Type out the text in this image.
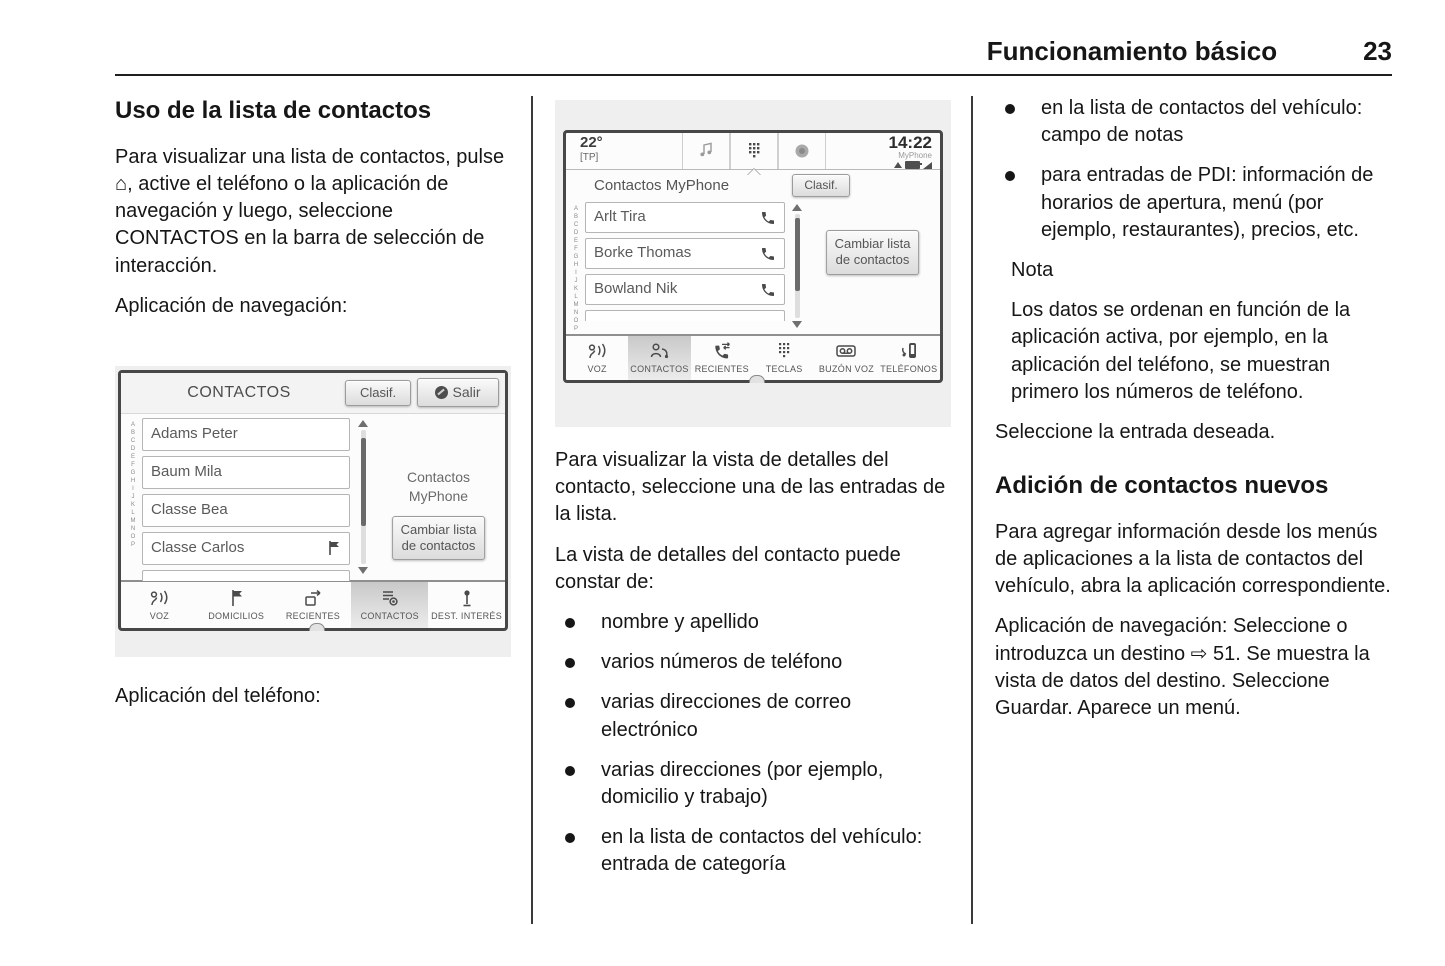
Funcionamiento básico	23
Uso de la lista de contactos

Para visualizar una lista de contactos, pulse ⌂, active el teléfono o la aplicación de navegación y luego, seleccione CONTACTOS en la barra de selección de interacción.

Aplicación de navegación:

CONTACTOS	Clasif.	Salir
ABCDEFGHIJKLMNOP Adams Peter
Baum Mila
Classe Bea
Classe Carlos
Contactos MyPhone
Cambiar lista
de contactos
VOZ	DOMICILIOS RECIENTES CONTACTOS DEST. INTERÉS

Aplicación del teléfono:

22°
[TP]
14:22
MyPhone
Contactos MyPhone	Clasif.
ABCDEFGHIJKLMNOP Arlt Tira
Borke Thomas
Bowland Nik
Cambiar lista
de contactos
VOZ	CONTACTOS RECIENTES TECLAS BUZÓN VOZ TELÉFONOS

Para visualizar la vista de detalles del contacto, seleccione una de las entradas de la lista.

La vista de detalles del contacto puede constar de:

nombre y apellido
varios números de teléfono
varias direcciones de correo electrónico
varias direcciones (por ejemplo, domicilio y trabajo)
en la lista de contactos del vehículo: entrada de categoría
en la lista de contactos del vehículo: campo de notas
para entradas de PDI: información de horarios de apertura, menú (por ejemplo, restaurantes), precios, etc.

Nota

Los datos se ordenan en función de la aplicación activa, por ejemplo, en la aplicación del teléfono, se muestran primero los números de teléfono.

Seleccione la entrada deseada.

Adición de contactos nuevos

Para agregar información desde los menús de aplicaciones a la lista de contactos del vehículo, abra la aplicación correspondiente.

Aplicación de navegación: Seleccione o introduzca un destino ⇨ 51. Se muestra la vista de datos del destino. Seleccione Guardar. Aparece un menú.
